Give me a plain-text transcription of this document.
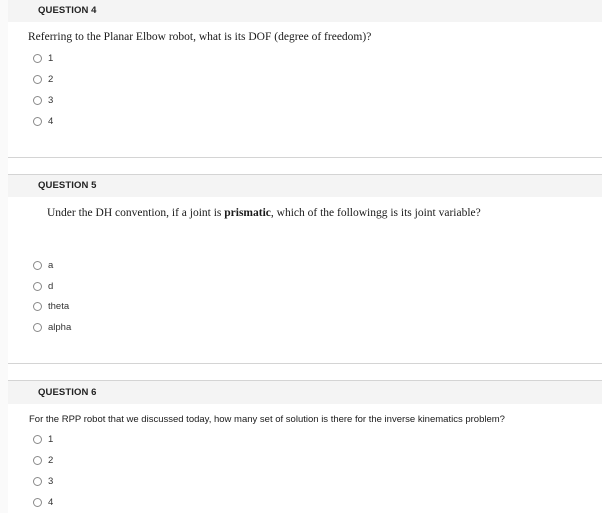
QUESTION 4
Referring to the Planar Elbow robot, what is its DOF (degree of freedom)?
1
2
3
4
QUESTION 5
Under the DH convention, if a joint is prismatic, which of the followingg is its joint variable?
a
d
theta
alpha
QUESTION 6
For the RPP robot that we discussed today, how many set of solution is there for the inverse kinematics problem?
1
2
3
4
